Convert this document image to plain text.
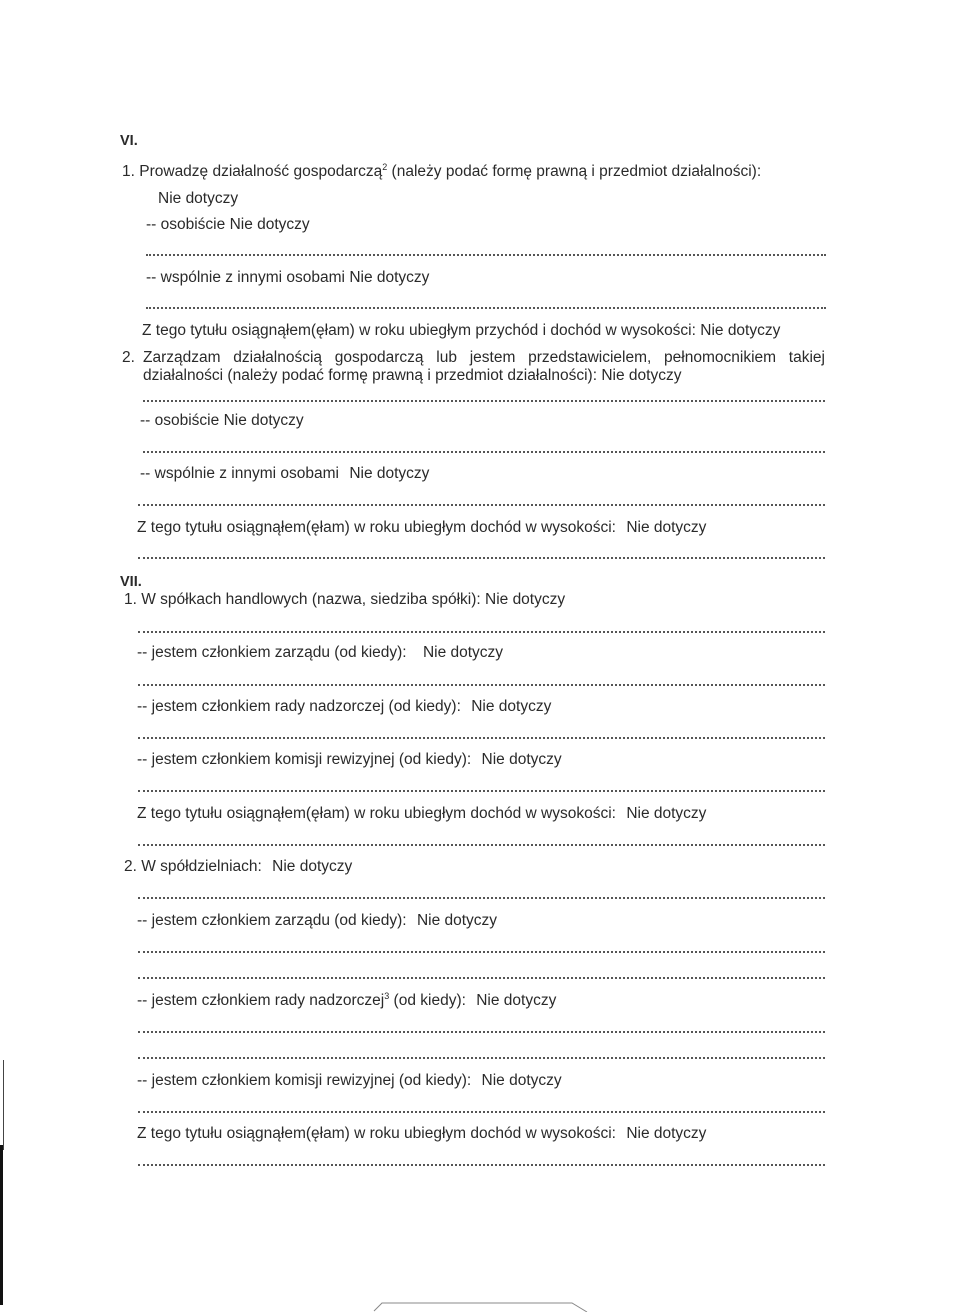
VI.
1. Prowadzę działalność gospodarczą$^2$ (należy podać formę prawną i przedmiot działalności):
Nie dotyczy
-- osobiście Nie dotyczy
-- wspólnie z innymi osobami Nie dotyczy
Z tego tytułu osiągnąłem(ęłam) w roku ubiegłym przychód i dochód w wysokości: Nie dotyczy
2. Zarządzam działalnością gospodarczą lub jestem przedstawicielem, pełnomocnikiem takiej
działalności (należy podać formę prawną i przedmiot działalności): Nie dotyczy
-- osobiście Nie dotyczy
-- wspólnie z innymi osobami Nie dotyczy
Z tego tytułu osiągnąłem(ęłam) w roku ubiegłym dochód w wysokości: Nie dotyczy
VII.
1. W spółkach handlowych (nazwa, siedziba spółki): Nie dotyczy
-- jestem członkiem zarządu (od kiedy): Nie dotyczy
-- jestem członkiem rady nadzorczej (od kiedy): Nie dotyczy
-- jestem członkiem komisji rewizyjnej (od kiedy): Nie dotyczy
Z tego tytułu osiągnąłem(ęłam) w roku ubiegłym dochód w wysokości: Nie dotyczy
2. W spółdzielniach: Nie dotyczy
-- jestem członkiem zarządu (od kiedy): Nie dotyczy
-- jestem członkiem rady nadzorczej$^3$ (od kiedy): Nie dotyczy
-- jestem członkiem komisji rewizyjnej (od kiedy): Nie dotyczy
Z tego tytułu osiągnąłem(ęłam) w roku ubiegłym dochód w wysokości: Nie dotyczy
